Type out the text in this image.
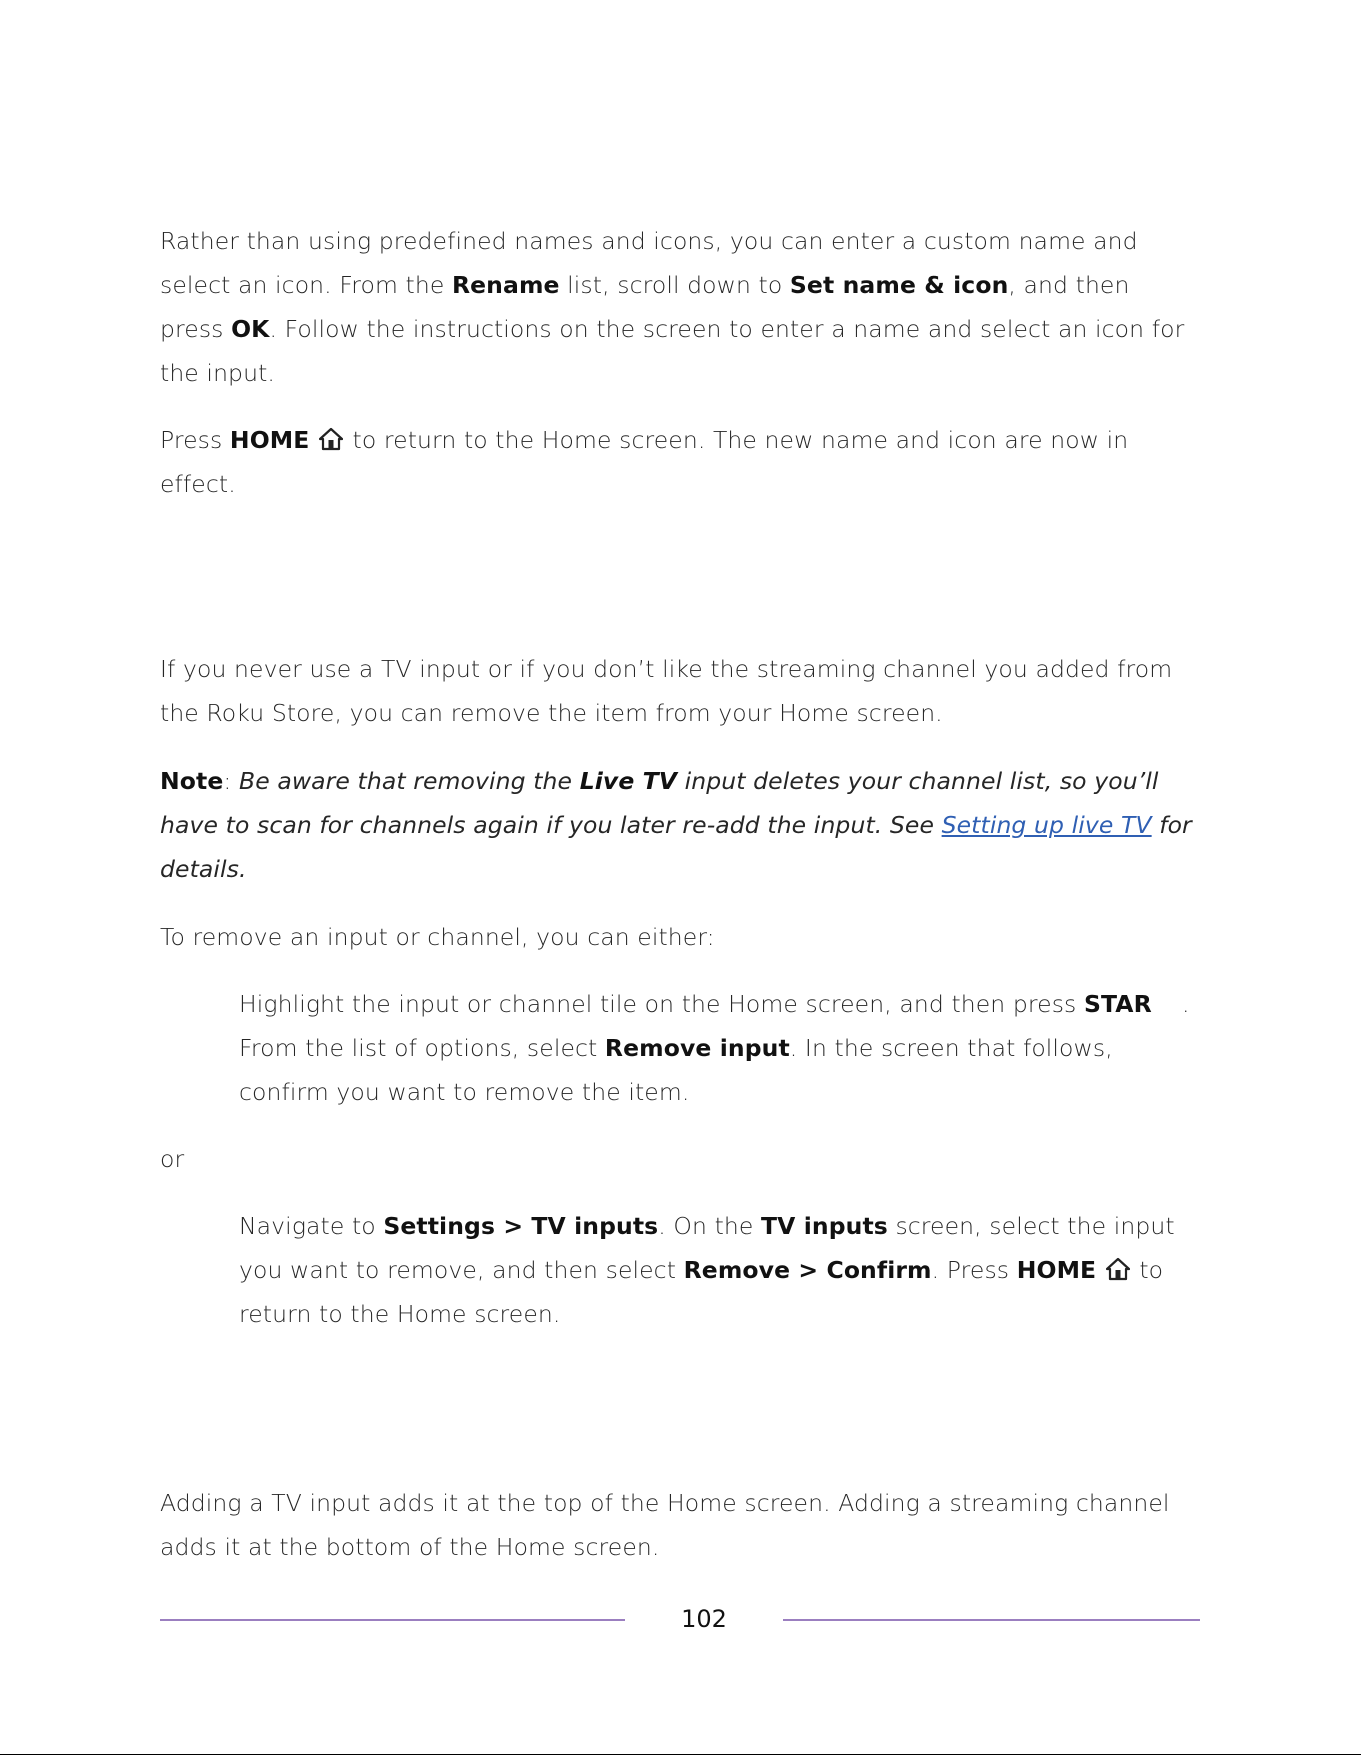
Rather than using predefined names and icons, you can enter a custom name and select an icon. From the Rename list, scroll down to Set name & icon, and then press OK. Follow the instructions on the screen to enter a name and select an icon for the input.

Press HOME  to return to the Home screen. The new name and icon are now in effect.

If you never use a TV input or if you don’t like the streaming channel you added from the Roku Store, you can remove the item from your Home screen.

Note: Be aware that removing the Live TV input deletes your channel list, so you’ll have to scan for channels again if you later re-add the input. See Setting up live TV for details.

To remove an input or channel, you can either:

Highlight the input or channel tile on the Home screen, and then press STAR    . From the list of options, select Remove input. In the screen that follows, confirm you want to remove the item.

or

Navigate to Settings > TV inputs. On the TV inputs screen, select the input you want to remove, and then select Remove > Confirm. Press HOME  to return to the Home screen.

Adding a TV input adds it at the top of the Home screen. Adding a streaming channel adds it at the bottom of the Home screen.

102
